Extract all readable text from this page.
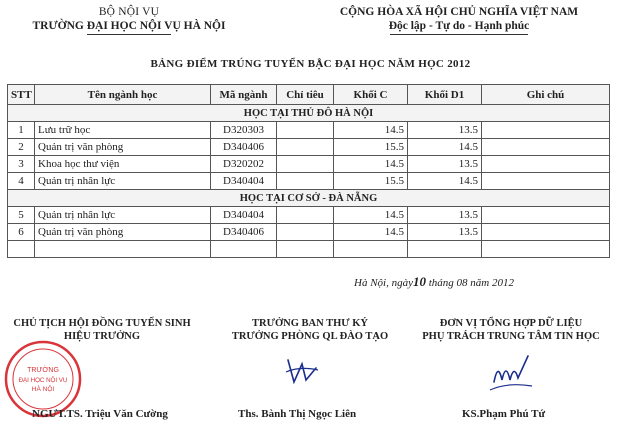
BỘ NỘI VỤ
TRƯỜNG ĐẠI HỌC NỘI VỤ HÀ NỘI
CỘNG HÒA XÃ HỘI CHỦ NGHĨA VIỆT NAM
Độc lập - Tự do - Hạnh phúc
BẢNG ĐIỂM TRÚNG TUYỂN BẬC ĐẠI HỌC NĂM HỌC 2012
STT	Tên ngành học	Mã ngành	Chỉ tiêu	Khối C	Khối D1	Ghi chú
HỌC TẠI THỦ ĐÔ HÀ NỘI						
1	Lưu trữ học	D320303		14.5	13.5	
2	Quản trị văn phòng	D340406		15.5	14.5	
3	Khoa học thư viện	D320202		14.5	13.5	
4	Quản trị nhân lực	D340404		15.5	14.5	
HỌC TẠI CƠ SỞ - ĐÀ NẴNG						
5	Quản trị nhân lực	D340404		14.5	13.5	
6	Quản trị văn phòng	D340406		14.5	13.5	

Hà Nội, ngày10 tháng 08 năm 2012
CHỦ TỊCH HỘI ĐỒNG TUYỂN SINH
HIỆU TRƯỞNG
TRƯỞNG BAN THƯ KÝ
TRƯỞNG PHÒNG QL ĐÀO TẠO
ĐƠN VỊ TỔNG HỢP DỮ LIỆU
PHỤ TRÁCH TRUNG TÂM TIN HỌC
TRƯỜNG
ĐẠI HỌC NỘI VỤ
HÀ NỘI
NGƯT.TS. Triệu Văn Cường	Ths. Bành Thị Ngọc Liên	KS.Phạm Phú Tứ
